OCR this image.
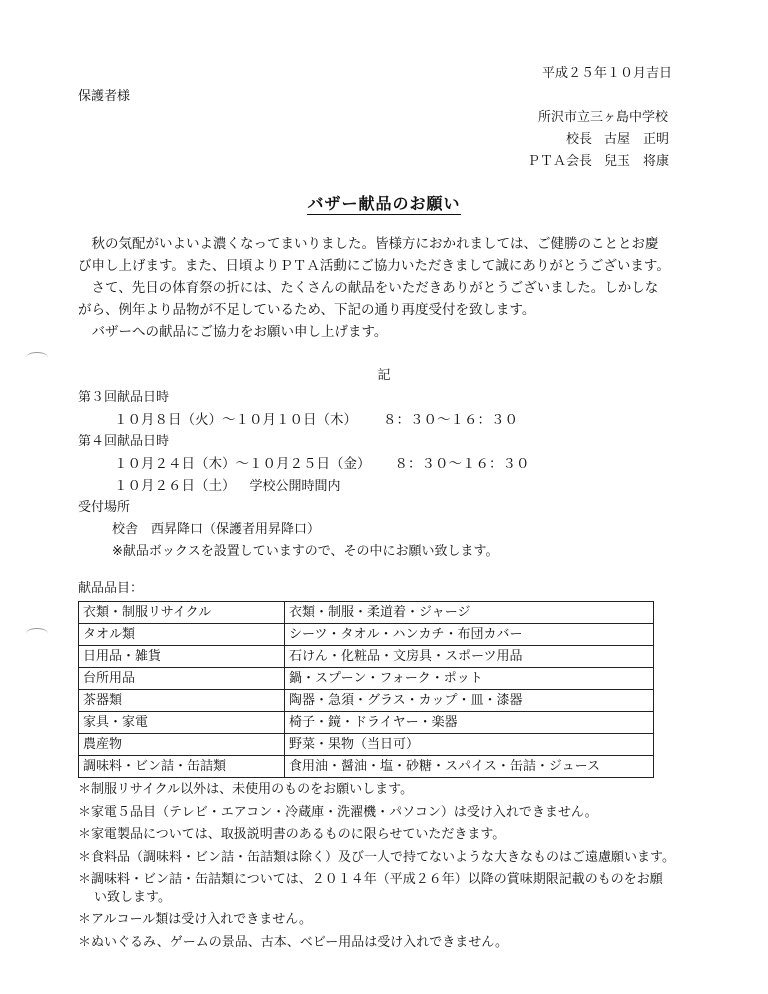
平成２５年１０月吉日
保護者様
所沢市立三ヶ島中学校
校長 古屋　正明
ＰＴＡ会長 兒玉　将康
バザー献品のお願い
　秋の気配がいよいよ濃くなってまいりました。皆様方におかれましては、ご健勝のこととお慶
び申し上げます。また、日頃よりＰＴＡ活動にご協力いただきまして誠にありがとうございます。
　さて、先日の体育祭の折には、たくさんの献品をいただきありがとうございました。しかしな
がら、例年より品物が不足しているため、下記の通り再度受付を致します。
　バザーへの献品にご協力をお願い申し上げます。
記
第３回献品日時
１０月８日（火）～１０月１０日（木） ８：３０～１６：３０
第４回献品日時
１０月２４日（木）～１０月２５日（金） ８：３０～１６：３０
１０月２６日（土） 学校公開時間内
受付場所
校舎　西昇降口（保護者用昇降口）
※献品ボックスを設置していますので、その中にお願い致します。
献品品目：
衣類・制服リサイクル	衣類・制服・柔道着・ジャージ
タオル類	シーツ・タオル・ハンカチ・布団カバー
日用品・雑貨	石けん・化粧品・文房具・スポーツ用品
台所用品	鍋・スプーン・フォーク・ポット
茶器類	陶器・急須・グラス・カップ・皿・漆器
家具・家電	椅子・鏡・ドライヤー・楽器
農産物	野菜・果物（当日可）
調味料・ビン詰・缶詰類	食用油・醤油・塩・砂糖・スパイス・缶詰・ジュース
＊制服リサイクル以外は、未使用のものをお願いします。
＊家電５品目（テレビ・エアコン・冷蔵庫・洗濯機・パソコン）は受け入れできません。
＊家電製品については、取扱説明書のあるものに限らせていただきます。
＊食料品（調味料・ビン詰・缶詰類は除く）及び一人で持てないような大きなものはご遠慮願います。
＊調味料・ビン詰・缶詰類については、２０１４年（平成２６年）以降の賞味期限記載のものをお願
い致します。
＊アルコール類は受け入れできません。
＊ぬいぐるみ、ゲームの景品、古本、ベビー用品は受け入れできません。
